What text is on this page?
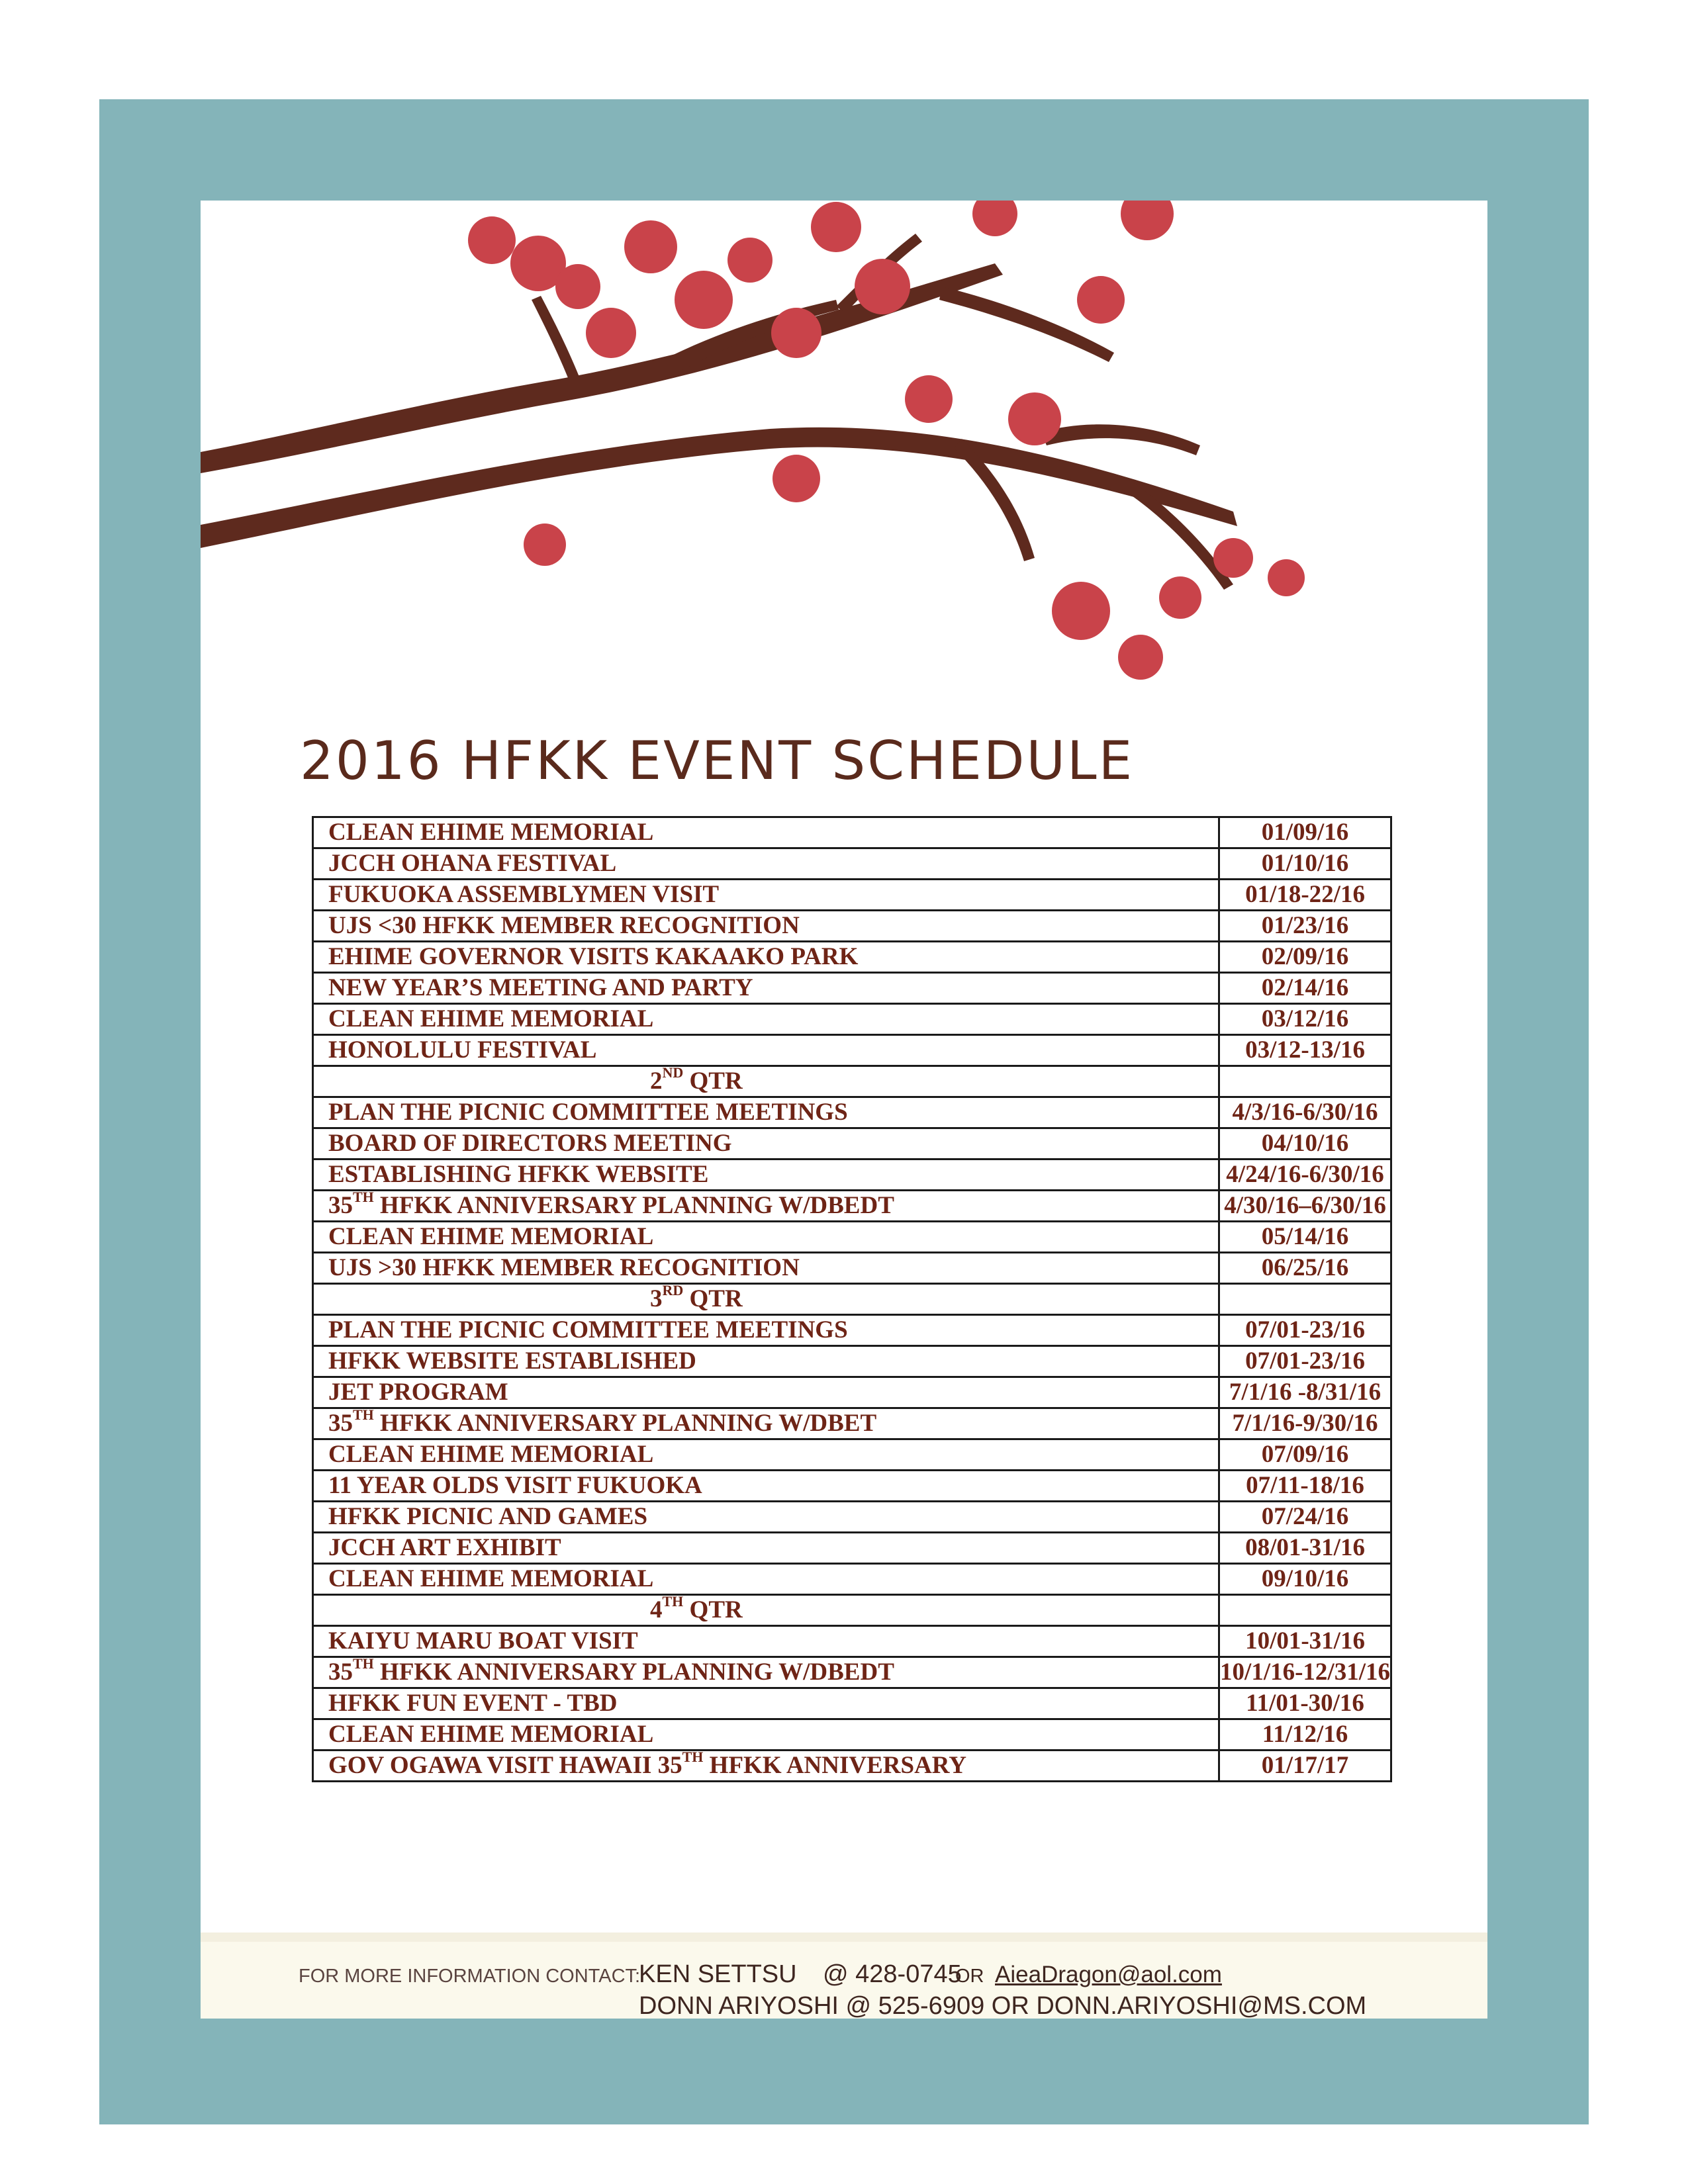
2016 HFKK EVENT SCHEDULE
CLEAN EHIME MEMORIAL	01/09/16
JCCH OHANA FESTIVAL	01/10/16
FUKUOKA ASSEMBLYMEN VISIT	01/18-22/16
UJS <30 HFKK MEMBER RECOGNITION	01/23/16
EHIME GOVERNOR VISITS KAKAAKO PARK	02/09/16
NEW YEAR’S MEETING AND PARTY	02/14/16
CLEAN EHIME MEMORIAL	03/12/16
HONOLULU FESTIVAL	03/12-13/16
2ND QTR	
PLAN THE PICNIC COMMITTEE MEETINGS	4/3/16-6/30/16
BOARD OF DIRECTORS MEETING	04/10/16
ESTABLISHING HFKK WEBSITE	4/24/16-6/30/16
35TH HFKK ANNIVERSARY PLANNING W/DBEDT	4/30/16–6/30/16
CLEAN EHIME MEMORIAL	05/14/16
UJS >30 HFKK MEMBER RECOGNITION	06/25/16
3RD QTR	
PLAN THE PICNIC COMMITTEE MEETINGS	07/01-23/16
HFKK WEBSITE ESTABLISHED	07/01-23/16
JET PROGRAM	7/1/16 -8/31/16
35TH HFKK ANNIVERSARY PLANNING W/DBET	7/1/16-9/30/16
CLEAN EHIME MEMORIAL	07/09/16
11 YEAR OLDS VISIT FUKUOKA	07/11-18/16
HFKK PICNIC AND GAMES	07/24/16
JCCH ART EXHIBIT	08/01-31/16
CLEAN EHIME MEMORIAL	09/10/16
4TH QTR	
KAIYU MARU BOAT VISIT	10/01-31/16
35TH HFKK ANNIVERSARY PLANNING W/DBEDT	10/1/16-12/31/16
HFKK FUN EVENT - TBD	11/01-30/16
CLEAN EHIME MEMORIAL	11/12/16
GOV OGAWA VISIT HAWAII 35TH HFKK ANNIVERSARY	01/17/17
FOR MORE INFORMATION CONTACT:
KEN SETTSU @ 428-0745
OR AieaDragon@aol.com
DONN ARIYOSHI @ 525-6909 OR DONN.ARIYOSHI@MS.COM
